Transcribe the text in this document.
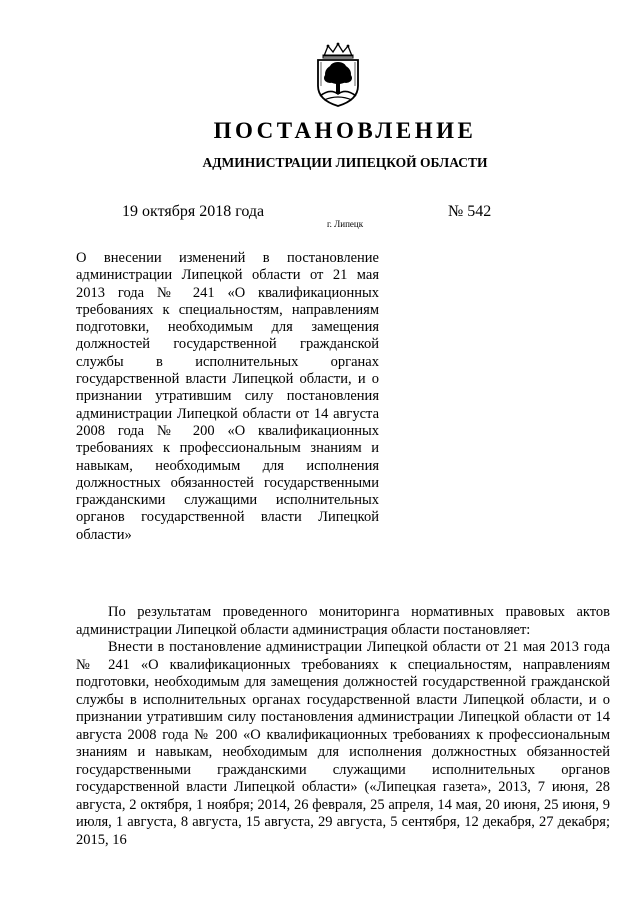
ПОСТАНОВЛЕНИЕ
АДМИНИСТРАЦИИ ЛИПЕЦКОЙ ОБЛАСТИ
19 октября 2018 года
г. Липецк
№ 542

О внесении изменений в постановление администрации Липецкой области от 21 мая 2013 года № 241 «О квалификационных требованиях к специальностям, направлениям подготовки, необходимым для замещения должностей государственной гражданской службы в исполнительных органах государственной власти Липецкой области, и о признании утратившим силу постановления администрации Липецкой области от 14 августа 2008 года № 200 «О квалификационных требованиях к профессиональным знаниям и навыкам, необходимым для исполнения должностных обязанностей государственными гражданскими служащими исполнительных органов государственной власти Липецкой области»

По результатам проведенного мониторинга нормативных правовых актов администрации Липецкой области администрация области постановляет:

Внести в постановление администрации Липецкой области от 21 мая 2013 года № 241 «О квалификационных требованиях к специальностям, направлениям подготовки, необходимым для замещения должностей государственной гражданской службы в исполнительных органах государственной власти Липецкой области, и о признании утратившим силу постановления администрации Липецкой области от 14 августа 2008 года № 200 «О квалификационных требованиях к профессиональным знаниям и навыкам, необходимым для исполнения должностных обязанностей государственными гражданскими служащими исполнительных органов государственной власти Липецкой области» («Липецкая газета», 2013, 7 июня, 28 августа, 2 октября, 1 ноября; 2014, 26 февраля, 25 апреля, 14 мая, 20 июня, 25 июня, 9 июля, 1 августа, 8 августа, 15 августа, 29 августа, 5 сентября, 12 декабря, 27 декабря; 2015, 16
